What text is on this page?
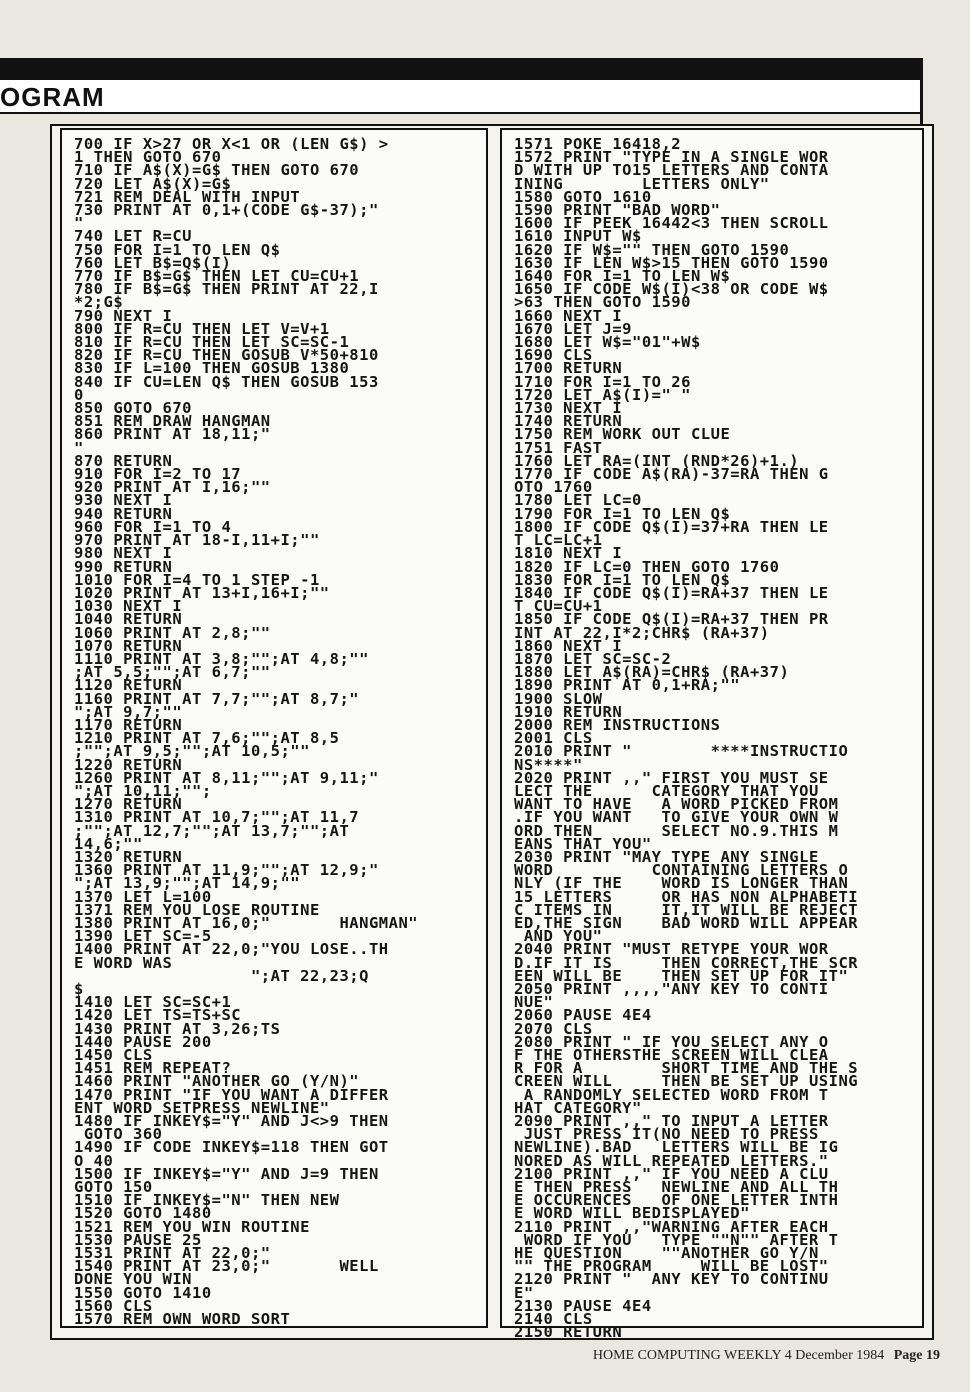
OGRAM
700 IF X>27 OR X<1 OR (LEN G$) >
1 THEN GOTO 670
710 IF A$(X)=G$ THEN GOTO 670
720 LET A$(X)=G$
721 REM DEAL WITH INPUT
730 PRINT AT 0,1+(CODE G$-37);"
"
740 LET R=CU
750 FOR I=1 TO LEN Q$
760 LET B$=Q$(I)
770 IF B$=G$ THEN LET CU=CU+1
780 IF B$=G$ THEN PRINT AT 22,I
*2;G$
790 NEXT I
800 IF R=CU THEN LET V=V+1
810 IF R=CU THEN LET SC=SC-1
820 IF R=CU THEN GOSUB V*50+810
830 IF L=100 THEN GOSUB 1380
840 IF CU=LEN Q$ THEN GOSUB 153
0
850 GOTO 670
851 REM DRAW HANGMAN
860 PRINT AT 18,11;"
"
870 RETURN
910 FOR I=2 TO 17
920 PRINT AT I,16;""
930 NEXT I
940 RETURN
960 FOR I=1 TO 4
970 PRINT AT 18-I,11+I;""
980 NEXT I
990 RETURN
1010 FOR I=4 TO 1 STEP -1
1020 PRINT AT 13+I,16+I;""
1030 NEXT I
1040 RETURN
1060 PRINT AT 2,8;""
1070 RETURN
1110 PRINT AT 3,8;"";AT 4,8;""
;AT 5,5;"";AT 6,7;""
1120 RETURN
1160 PRINT AT 7,7;"";AT 8,7;"
";AT 9,7;""
1170 RETURN
1210 PRINT AT 7,6;"";AT 8,5
;"";AT 9,5;"";AT 10,5;""
1220 RETURN
1260 PRINT AT 8,11;"";AT 9,11;"
";AT 10,11;"";
1270 RETURN
1310 PRINT AT 10,7;"";AT 11,7
;"";AT 12,7;"";AT 13,7;"";AT
14,6;""
1320 RETURN
1360 PRINT AT 11,9;"";AT 12,9;"
";AT 13,9;"";AT 14,9;""
1370 LET L=100
1371 REM YOU LOSE ROUTINE
1380 PRINT AT 16,0;"       HANGMAN"
1390 LET SC=-5
1400 PRINT AT 22,0;"YOU LOSE..TH
E WORD WAS
";AT 22,23;Q
$
1410 LET SC=SC+1
1420 LET TS=TS+SC
1430 PRINT AT 3,26;TS
1440 PAUSE 200
1450 CLS
1451 REM REPEAT?
1460 PRINT "ANOTHER GO (Y/N)"
1470 PRINT "IF YOU WANT A DIFFER
ENT WORD SETPRESS NEWLINE"
1480 IF INKEY$="Y" AND J<>9 THEN
GOTO 360
1490 IF CODE INKEY$=118 THEN GOT
O 40
1500 IF INKEY$="Y" AND J=9 THEN
GOTO 150
1510 IF INKEY$="N" THEN NEW
1520 GOTO 1480
1521 REM YOU WIN ROUTINE
1530 PAUSE 25
1531 PRINT AT 22,0;"
1540 PRINT AT 23,0;"       WELL
DONE YOU WIN
1550 GOTO 1410
1560 CLS
1570 REM OWN WORD SORT
1571 POKE 16418,2
1572 PRINT "TYPE IN A SINGLE WOR
D WITH UP TO15 LETTERS AND CONTA
INING        LETTERS ONLY"
1580 GOTO 1610
1590 PRINT "BAD WORD"
1600 IF PEEK 16442<3 THEN SCROLL
1610 INPUT W$
1620 IF W$="" THEN GOTO 1590
1630 IF LEN W$>15 THEN GOTO 1590
1640 FOR I=1 TO LEN W$
1650 IF CODE W$(I)<38 OR CODE W$
>63 THEN GOTO 1590
1660 NEXT I
1670 LET J=9
1680 LET W$="01"+W$
1690 CLS
1700 RETURN
1710 FOR I=1 TO 26
1720 LET A$(I)=" "
1730 NEXT I
1740 RETURN
1750 REM WORK OUT CLUE
1751 FAST
1760 LET RA=(INT (RND*26)+1.)
1770 IF CODE A$(RA)-37=RA THEN G
OTO 1760
1780 LET LC=0
1790 FOR I=1 TO LEN Q$
1800 IF CODE Q$(I)=37+RA THEN LE
T LC=LC+1
1810 NEXT I
1820 IF LC=0 THEN GOTO 1760
1830 FOR I=1 TO LEN Q$
1840 IF CODE Q$(I)=RA+37 THEN LE
T CU=CU+1
1850 IF CODE Q$(I)=RA+37 THEN PR
INT AT 22,I*2;CHR$ (RA+37)
1860 NEXT I
1870 LET SC=SC-2
1880 LET A$(RA)=CHR$ (RA+37)
1890 PRINT AT 0,1+RA;""
1900 SLOW
1910 RETURN
2000 REM INSTRUCTIONS
2001 CLS
2010 PRINT "        ****INSTRUCTIO
NS****"
2020 PRINT ,," FIRST YOU MUST SE
LECT THE      CATEGORY THAT YOU
WANT TO HAVE   A WORD PICKED FROM
.IF YOU WANT   TO GIVE YOUR OWN W
ORD THEN       SELECT NO.9.THIS M
EANS THAT YOU"
2030 PRINT "MAY TYPE ANY SINGLE
WORD          CONTAINING LETTERS O
NLY (IF THE    WORD IS LONGER THAN
15 LETTERS     OR HAS NON ALPHABETI
C ITEMS IN     IT,IT WILL BE REJECT
ED,THE SIGN    BAD WORD WILL APPEAR
AND YOU"
2040 PRINT "MUST RETYPE YOUR WOR
D.IF IT IS     THEN CORRECT,THE SCR
EEN WILL BE    THEN SET UP FOR IT"
2050 PRINT ,,,,"ANY KEY TO CONTI
NUE"
2060 PAUSE 4E4
2070 CLS
2080 PRINT " IF YOU SELECT ANY O
F THE OTHERSTHE SCREEN WILL CLEA
R FOR A        SHORT TIME AND THE S
CREEN WILL     THEN BE SET UP USING
A RANDOMLY SELECTED WORD FROM T
HAT CATEGORY"
2090 PRINT ,," TO INPUT A LETTER
JUST PRESS IT(NO NEED TO PRESS
NEWLINE).BAD   LETTERS WILL BE IG
NORED AS WILL REPEATED LETTERS."
2100 PRINT ,," IF YOU NEED A CLU
E THEN PRESS   NEWLINE AND ALL TH
E OCCURENCES   OF ONE LETTER INTH
E WORD WILL BEDISPLAYED"
2110 PRINT ,,"WARNING AFTER EACH
WORD IF YOU   TYPE ""N"" AFTER T
HE QUESTION    ""ANOTHER GO Y/N
"" THE PROGRAM     WILL BE LOST"
2120 PRINT "  ANY KEY TO CONTINU
E"
2130 PAUSE 4E4
2140 CLS
2150 RETURN

HOME COMPUTING WEEKLY 4 December 1984 Page 19
